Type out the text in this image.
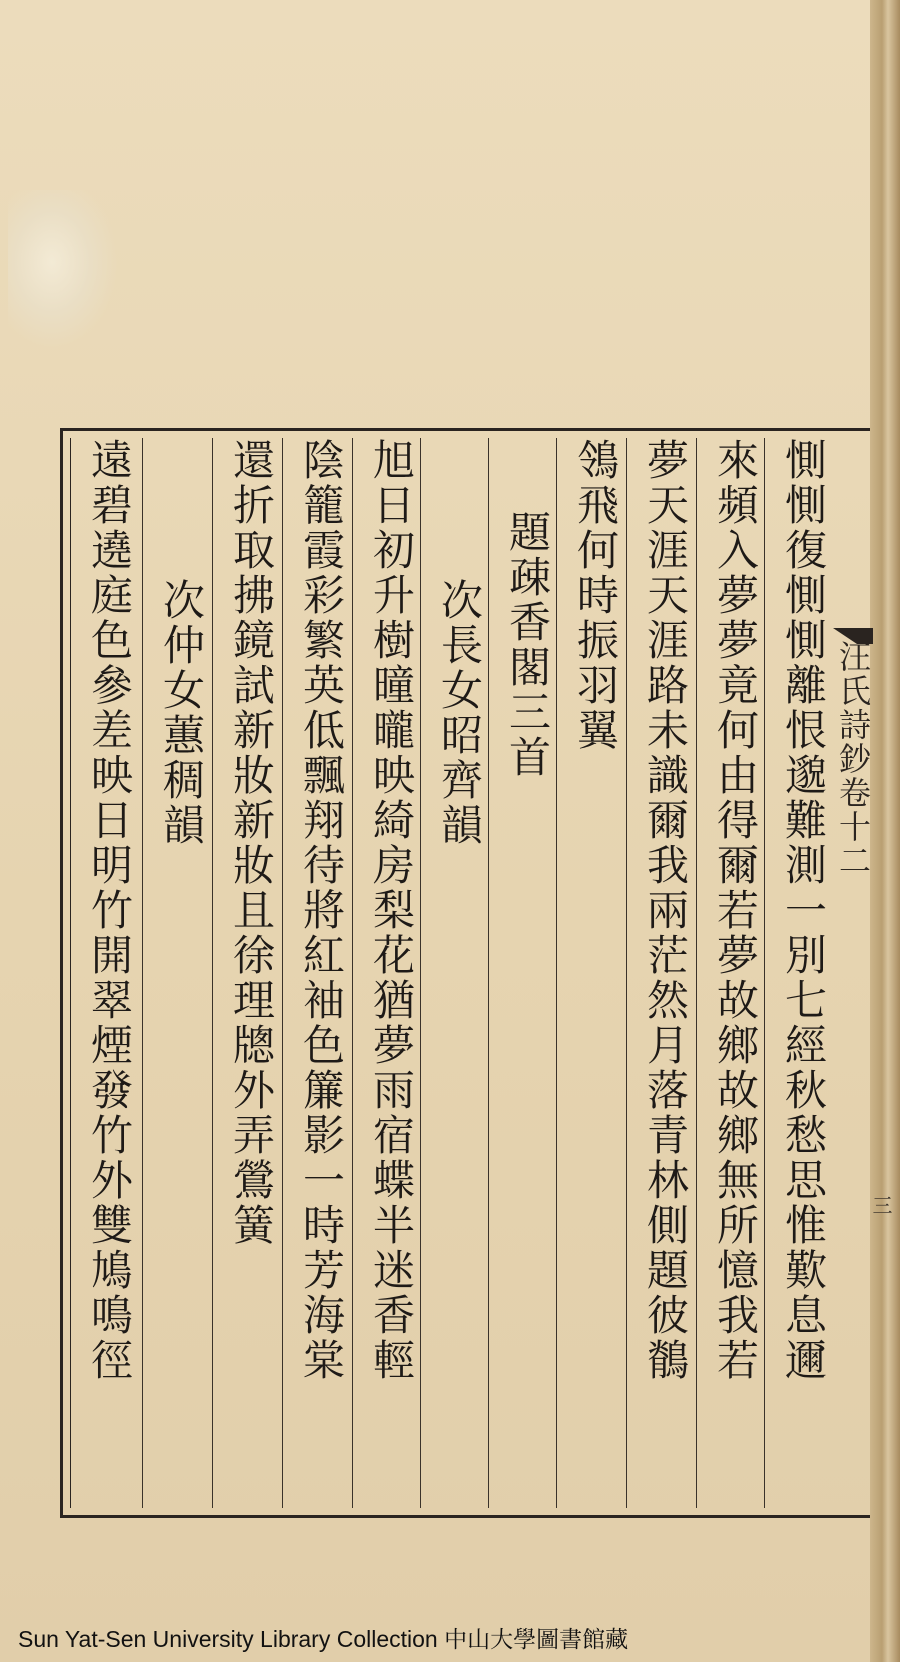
汪氏詩鈔卷十二
三
惻惻復惻惻離恨邈難測一別七經秋愁思惟歎息邇
來頻入夢夢竟何由得爾若夢故鄉故鄉無所憶我若
夢天涯天涯路未識爾我兩茫然月落青林側題彼鶺
鴒飛何時振羽翼
題疎香閣三首
次長女昭齊韻
旭日初升樹曈曨映綺房梨花猶夢雨宿蝶半迷香輕
陰籠霞彩繁英低飄翔待將紅袖色簾影一時芳海棠
還折取拂鏡試新妝新妝且徐理牕外弄鶯簧
次仲女蕙稠韻
遠碧遶庭色參差映日明竹開翠煙發竹外雙鳩鳴徑
Sun Yat-Sen University Library Collection 中山大學圖書館藏
